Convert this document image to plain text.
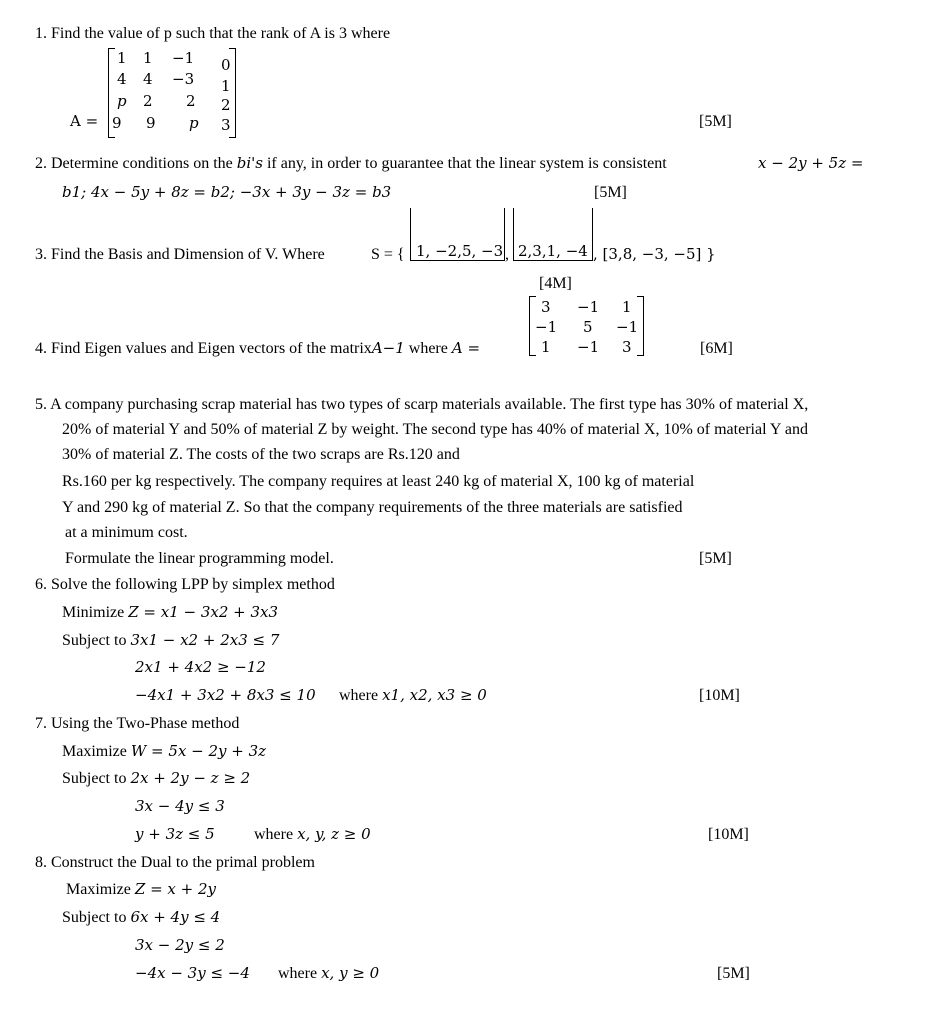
1. Find the value of p such that the rank of A is 3 where
A =
1 1 −1 0
4 4 −3 1
p 2 2 2
9 9 p 3	[5M]
2. Determine conditions on the bi's if any, in order to guarantee that the linear system is consistent	x − 2y + 5z =
b1; 4x − 5y + 8z = b2; −3x + 3y − 3z = b3	[5M]
3. Find the Basis and Dimension of V. Where	S = { 1, −2,5, −3 , 2,3,1, −4 , [3,8, −3, −5] }
[4M]
4. Find Eigen values and Eigen vectors of the matrixA−1 where A =
3 −1 1
−1 5 −1
1 −1 3	[6M]
5. A company purchasing scrap material has two types of scarp materials available. The first type has 30% of material X,
20% of material Y and 50% of material Z by weight. The second type has 40% of material X, 10% of material Y and
30% of material Z. The costs of the two scraps are Rs.120 and
Rs.160 per kg respectively. The company requires at least 240 kg of material X, 100 kg of material
Y and 290 kg of material Z. So that the company requirements of the three materials are satisfied
at a minimum cost.
Formulate the linear programming model.	[5M]
6. Solve the following LPP by simplex method
Minimize Z = x1 − 3x2 + 3x3
Subject to 3x1 − x2 + 2x3 ≤ 7
2x1 + 4x2 ≥ −12
−4x1 + 3x2 + 8x3 ≤ 10 where x1, x2, x3 ≥ 0	[10M]
7. Using the Two-Phase method
Maximize W = 5x − 2y + 3z
Subject to 2x + 2y − z ≥ 2
3x − 4y ≤ 3
y + 3z ≤ 5 where x, y, z ≥ 0	[10M]
8. Construct the Dual to the primal problem
Maximize Z = x + 2y
Subject to 6x + 4y ≤ 4
3x − 2y ≤ 2
−4x − 3y ≤ −4 where x, y ≥ 0	[5M]
